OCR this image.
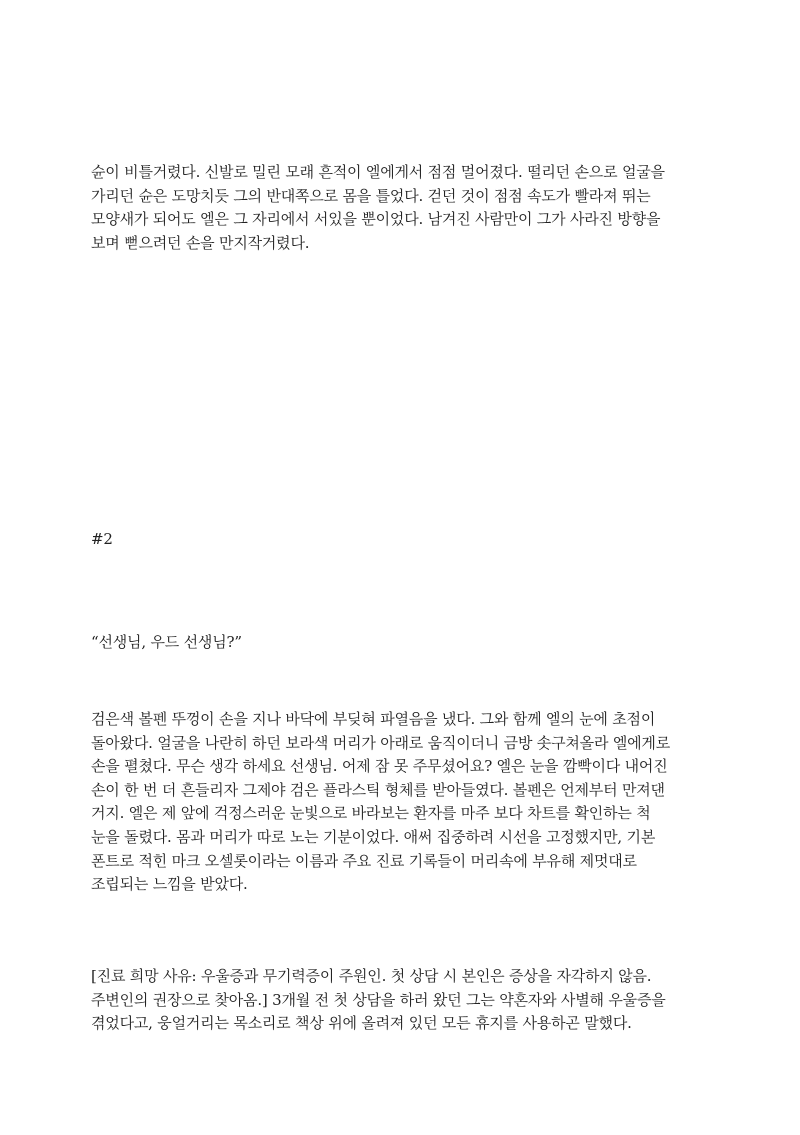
슌이 비틀거렸다. 신발로 밀린 모래 흔적이 엘에게서 점점 멀어졌다. 떨리던 손으로 얼굴을
가리던 슌은 도망치듯 그의 반대쪽으로 몸을 틀었다. 걷던 것이 점점 속도가 빨라져 뛰는
모양새가 되어도 엘은 그 자리에서 서있을 뿐이었다. 남겨진 사람만이 그가 사라진 방향을
보며 뻗으려던 손을 만지작거렸다.

#2

“선생님, 우드 선생님?”

검은색 볼펜 뚜껑이 손을 지나 바닥에 부딪혀 파열음을 냈다. 그와 함께 엘의 눈에 초점이
돌아왔다. 얼굴을 나란히 하던 보라색 머리가 아래로 움직이더니 금방 솟구쳐올라 엘에게로
손을 펼쳤다. 무슨 생각 하세요 선생님. 어제 잠 못 주무셨어요? 엘은 눈을 깜빡이다 내어진
손이 한 번 더 흔들리자 그제야 검은 플라스틱 형체를 받아들였다. 볼펜은 언제부터 만져댄
거지. 엘은 제 앞에 걱정스러운 눈빛으로 바라보는 환자를 마주 보다 차트를 확인하는 척
눈을 돌렸다. 몸과 머리가 따로 노는 기분이었다. 애써 집중하려 시선을 고정했지만, 기본
폰트로 적힌 마크 오셀롯이라는 이름과 주요 진료 기록들이 머리속에 부유해 제멋대로
조립되는 느낌을 받았다.

[진료 희망 사유: 우울증과 무기력증이 주원인. 첫 상담 시 본인은 증상을 자각하지 않음.
주변인의 권장으로 찾아옴.] 3개월 전 첫 상담을 하러 왔던 그는 약혼자와 사별해 우울증을
겪었다고, 웅얼거리는 목소리로 책상 위에 올려져 있던 모든 휴지를 사용하곤 말했다.
